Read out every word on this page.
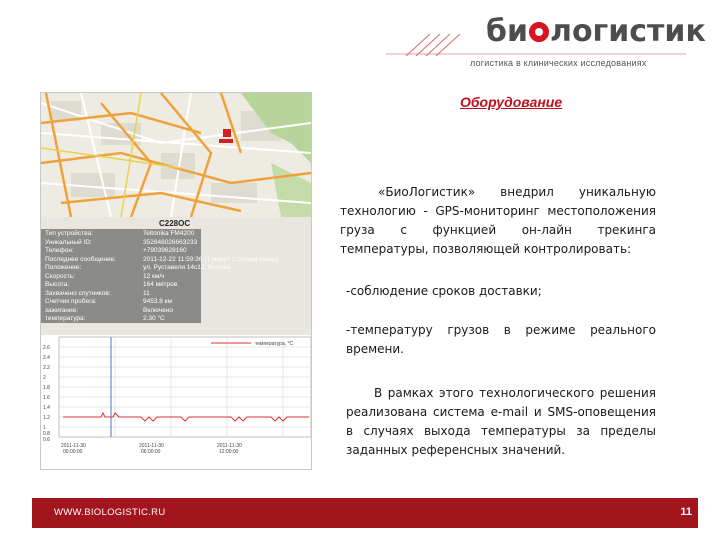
би логистик
логистика в клинических исследованиях
Оборудование
С228ОС
Тип устройства:	Teltonika FM4200
Уникальный ID:	352848026663233
Телефон:	+79039628160
Последнее сообщение:	2011-12-22 11:59:36 (1 минут 2 секунд назад)
Положение:	ул. Руставели 14с12, Москва
Скорость:	12 км/ч
Высота:	164 метров
Захвачено спутников:	11
Счетчик пробега:	9453.8 км
зажигание:	Включено
температура:	2.30 °C
температура, °C
2.6
2.4
2.2
2
1.8
1.6
1.4
1.2
1
0.8
0.6
2011-11-30
00:00:00
2011-11-30
06:00:00
2011-11-30
12:00:00
«БиоЛогистик» внедрил уникальную технологию - GPS-мониторинг местоположения груза с функцией он-лайн трекинга температуры, позволяющей контролировать:
-соблюдение сроков доставки;
-температуру грузов в режиме реального времени.
В рамках этого технологического решения реализована система e-mail и SMS-оповещения в случаях выхода температуры за пределы заданных референсных значений.
WWW.BIOLOGISTIC.RU	11
